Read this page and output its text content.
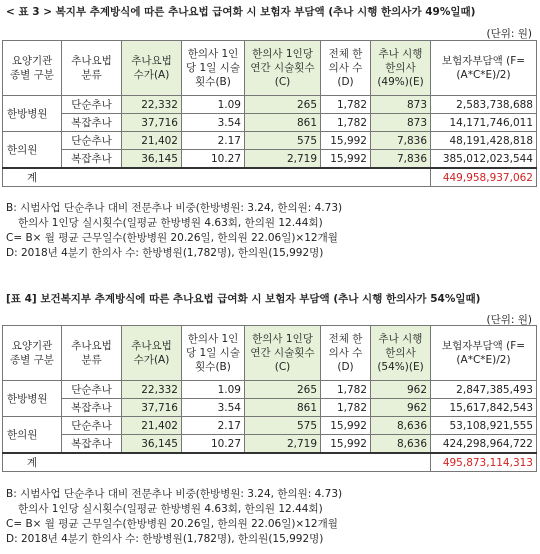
< 표 3 > 복지부 추계방식에 따른 추나요법 급여화 시 보험자 부담액 (추나 시행 한의사가 49%일때)
(단위: 원)
요양기관 종별 구분	추나요법 분류	추나요법 수가(A)	한의사 1인당 1일 시술 횟수(B)	한의사 1인당 연간 시술횟수(C)	전체 한의사 수(D)	추나 시행 한의사(49%)(E)	보험자부담액 (F=(A*C*E)/2)
한방병원	단순추나	22,332	1.09	265	1,782	873	2,583,738,688
	복잡추나	37,716	3.54	861	1,782	873	14,171,746,011
한의원	단순추나	21,402	2.17	575	15,992	7,836	48,191,428,818
	복잡추나	36,145	10.27	2,719	15,992	7,836	385,012,023,544
계							449,958,937,062
B: 시범사업 단순추나 대비 전문추나 비중(한방병원: 3.24, 한의원: 4.73)
한의사 1인당 실시횟수(일평균 한방병원 4.63회, 한의원 12.44회)
C= B× 월 평균 근무일수(한방병원 20.26일, 한의원 22.06일)×12개월
D: 2018년 4분기 한의사 수: 한방병원(1,782명), 한의원(15,992명)
[표 4] 보건복지부 추계방식에 따른 추나요법 급여화 시 보험자 부담액 (추나 시행 한의사가 54%일때)
(단위: 원)
요양기관 종별 구분	추나요법 분류	추나요법 수가(A)	한의사 1인당 1일 시술 횟수(B)	한의사 1인당 연간 시술횟수(C)	전체 한의사 수(D)	추나 시행 한의사(54%)(E)	보험자부담액 (F=(A*C*E)/2)
한방병원	단순추나	22,332	1.09	265	1,782	962	2,847,385,493
	복잡추나	37,716	3.54	861	1,782	962	15,617,842,543
한의원	단순추나	21,402	2.17	575	15,992	8,636	53,108,921,555
	복잡추나	36,145	10.27	2,719	15,992	8,636	424,298,964,722
계							495,873,114,313
B: 시범사업 단순추나 대비 전문추나 비중(한방병원: 3.24, 한의원: 4.73)
한의사 1인당 실시횟수(일평균 한방병원 4.63회, 한의원 12.44회)
C= B× 월 평균 근무일수(한방병원 20.26일, 한의원 22.06일)×12개월
D: 2018년 4분기 한의사 수: 한방병원(1,782명), 한의원(15,992명)
